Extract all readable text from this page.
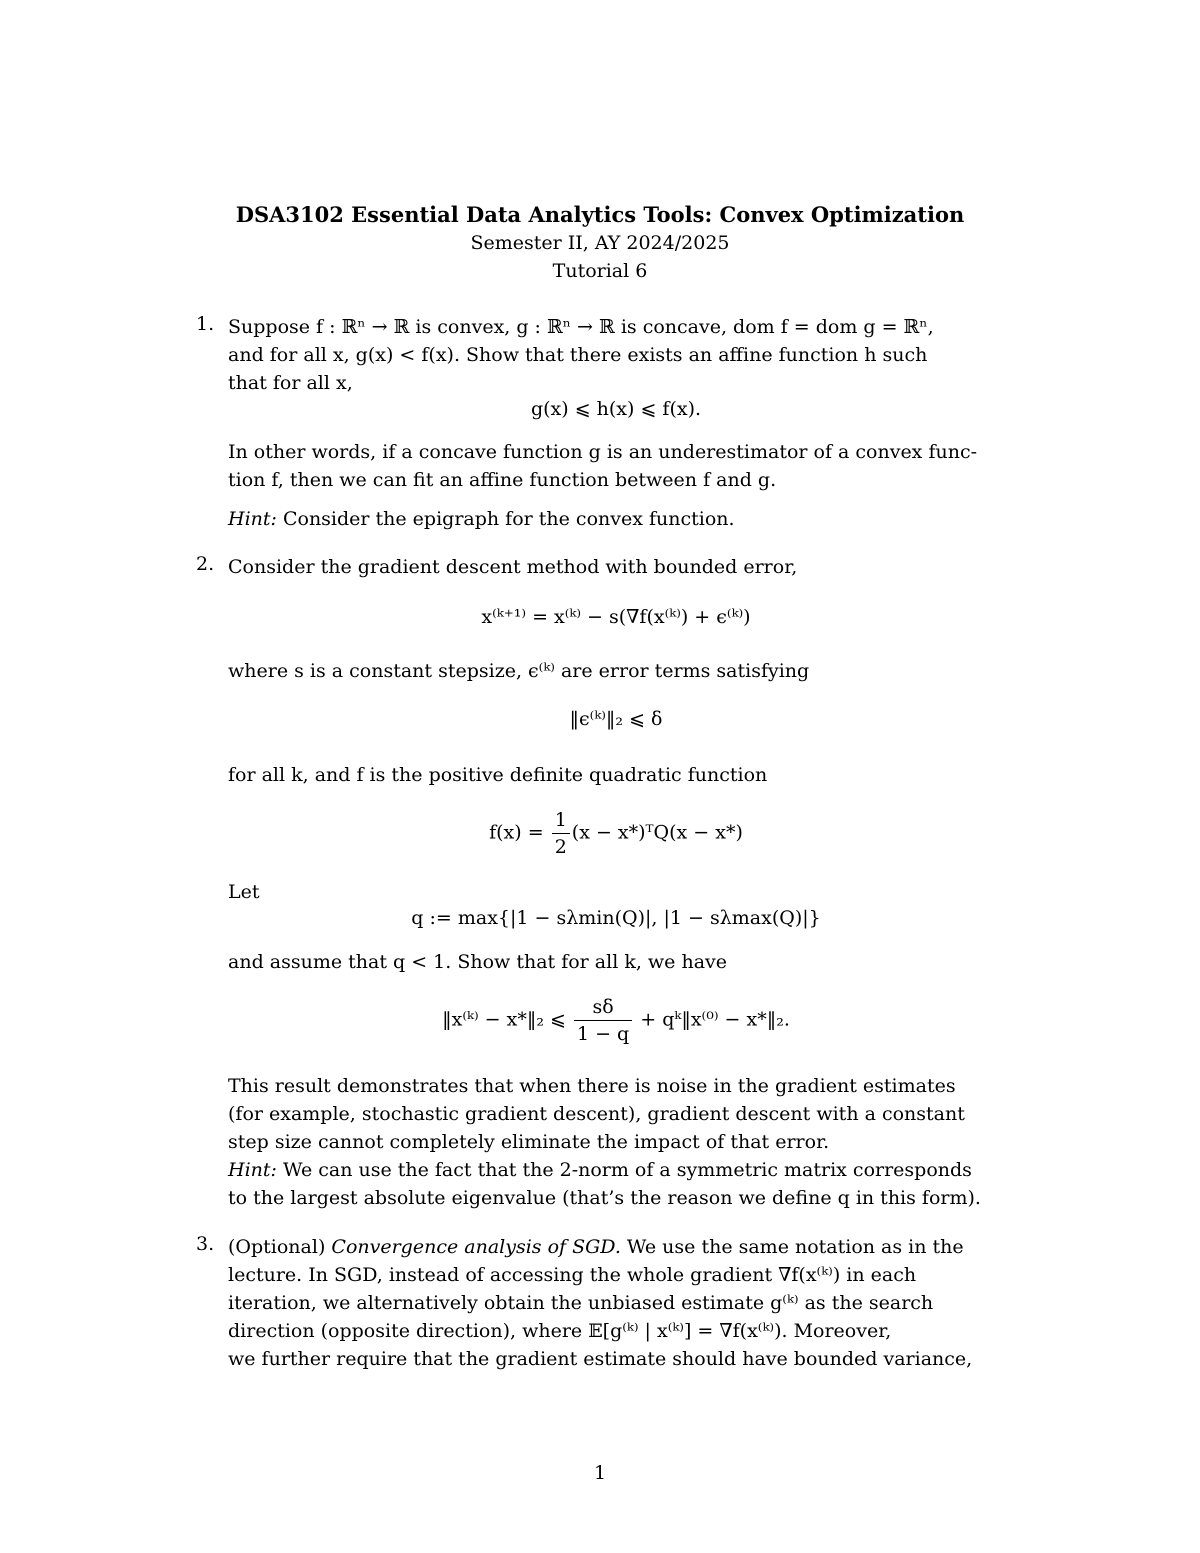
DSA3102 Essential Data Analytics Tools: Convex Optimization
Semester II, AY 2024/2025
Tutorial 6
1. Suppose f : ℝⁿ → ℝ is convex, g : ℝⁿ → ℝ is concave, dom f = dom g = ℝⁿ,
and for all x, g(x) < f(x). Show that there exists an affine function h such
that for all x,
g(x) ⩽ h(x) ⩽ f(x).
In other words, if a concave function g is an underestimator of a convex func-
tion f, then we can fit an affine function between f and g.
Hint: Consider the epigraph for the convex function.
2. Consider the gradient descent method with bounded error,
x⁽ᵏ⁺¹⁾ = x⁽ᵏ⁾ − s(∇f(x⁽ᵏ⁾) + ϵ⁽ᵏ⁾)
where s is a constant stepsize, ϵ⁽ᵏ⁾ are error terms satisfying
‖ϵ⁽ᵏ⁾‖₂ ⩽ δ
for all k, and f is the positive definite quadratic function
$f(x) = \frac{1}{2} (x$ − x*)ᵀQ(x − x*)
Let
q := max{|1 − sλmin(Q)|, |1 − sλmax(Q)|}
and assume that q < 1. Show that for all k, we have
‖x⁽ᵏ⁾ − x*‖₂ ⩽ $\frac{s\delta}{1 - q}$ + qᵏ‖x⁽⁰⁾ − x*‖₂.
This result demonstrates that when there is noise in the gradient estimates
(for example, stochastic gradient descent), gradient descent with a constant
step size cannot completely eliminate the impact of that error.
Hint: We can use the fact that the 2-norm of a symmetric matrix corresponds
to the largest absolute eigenvalue (that’s the reason we define q in this form).
3. (Optional) Convergence analysis of SGD. We use the same notation as in the
lecture. In SGD, instead of accessing the whole gradient ∇f(x⁽ᵏ⁾) in each
iteration, we alternatively obtain the unbiased estimate g⁽ᵏ⁾ as the search
direction (opposite direction), where 𝔼[g⁽ᵏ⁾ | x⁽ᵏ⁾] = ∇f(x⁽ᵏ⁾). Moreover,
we further require that the gradient estimate should have bounded variance,
1
